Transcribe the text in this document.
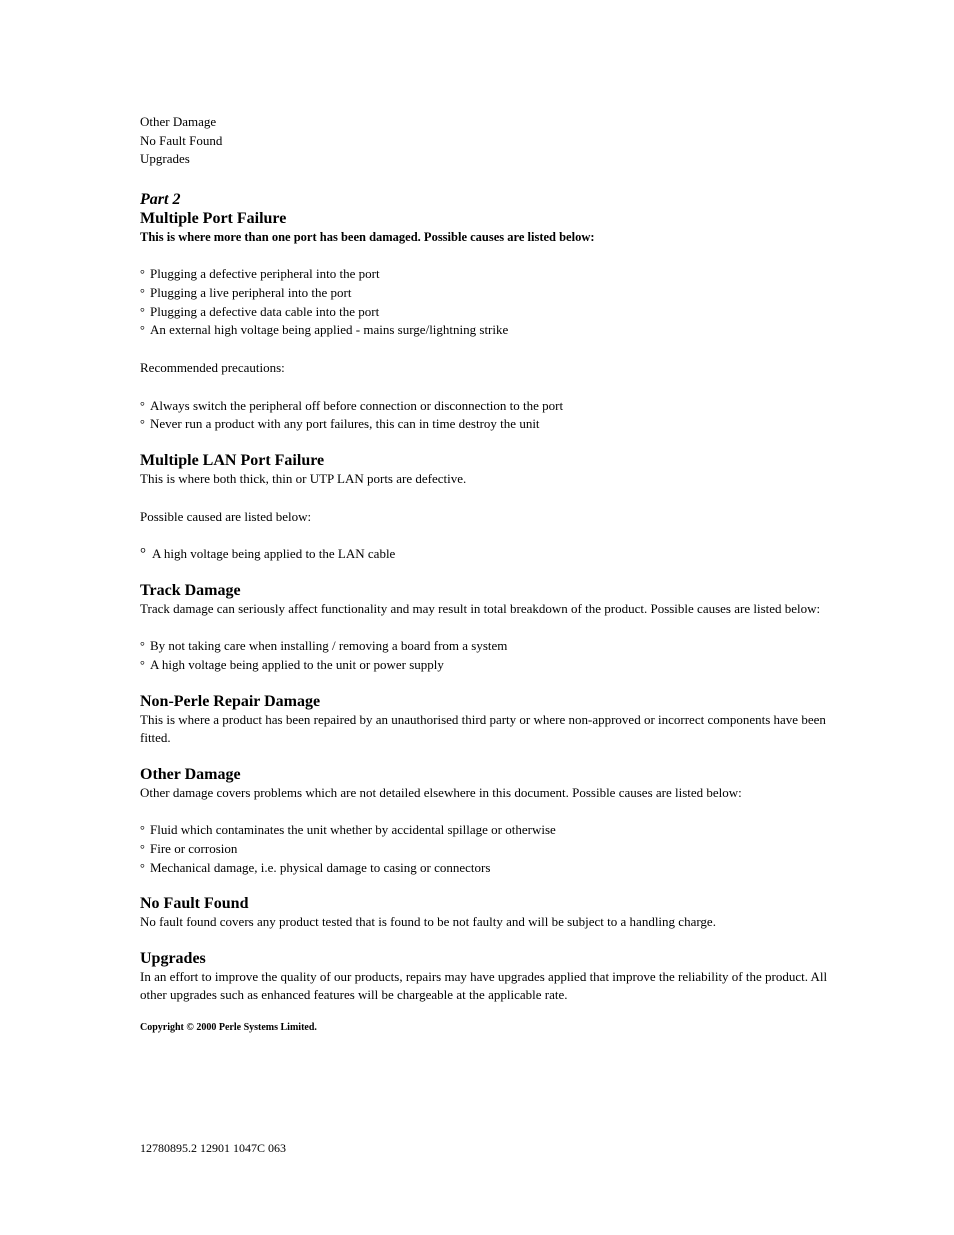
Other Damage

No Fault Found

Upgrades

Part 2
Multiple Port Failure
This is where more than one port has been damaged. Possible causes are listed below:
° Plugging a defective peripheral into the port
° Plugging a live peripheral into the port
° Plugging a defective data cable into the port
° An external high voltage being applied - mains surge/lightning strike

Recommended precautions:

° Always switch the peripheral off before connection or disconnection to the port
° Never run a product with any port failures, this can in time destroy the unit
Multiple LAN Port Failure

This is where both thick, thin or UTP LAN ports are defective.

Possible caused are listed below:

° A high voltage being applied to the LAN cable
Track Damage

Track damage can seriously affect functionality and may result in total breakdown of the product. Possible causes are listed below:

° By not taking care when installing / removing a board from a system
° A high voltage being applied to the unit or power supply
Non-Perle Repair Damage

This is where a product has been repaired by an unauthorised third party or where non-approved or incorrect components have been fitted.

Other Damage

Other damage covers problems which are not detailed elsewhere in this document. Possible causes are listed below:

° Fluid which contaminates the unit whether by accidental spillage or otherwise
° Fire or corrosion
° Mechanical damage, i.e. physical damage to casing or connectors
No Fault Found

No fault found covers any product tested that is found to be not faulty and will be subject to a handling charge.

Upgrades

In an effort to improve the quality of our products, repairs may have upgrades applied that improve the reliability of the product. All other upgrades such as enhanced features will be chargeable at the applicable rate.

Copyright © 2000 Perle Systems Limited.
12780895.2 12901 1047C 063
